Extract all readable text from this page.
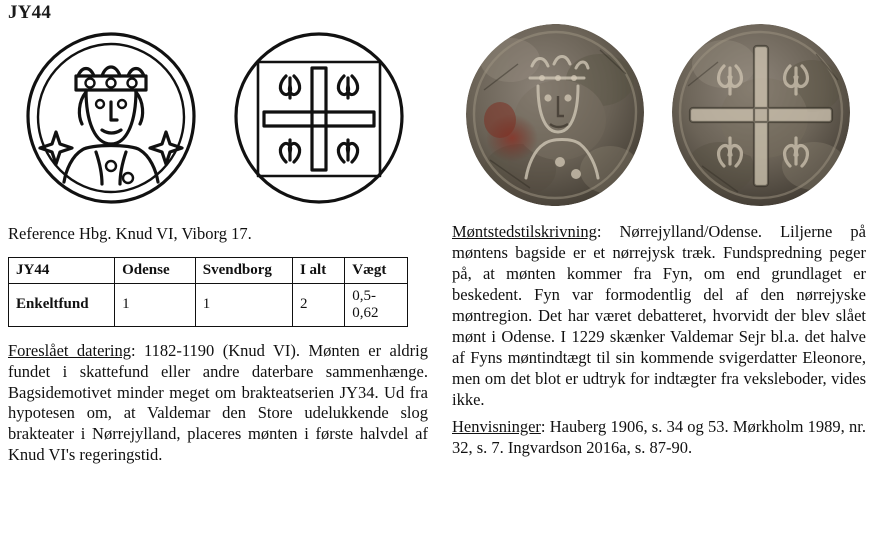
JY44
Reference Hbg. Knud VI, Viborg 17.
JY44	Odense	Svendborg	I alt	Vægt
Enkeltfund	1	1	2	0,5-0,62

Foreslået datering: 1182-1190 (Knud VI). Mønten er aldrig fundet i skattefund eller andre daterbare sammenhænge. Bagsidemotivet minder meget om brakteatserien JY34. Ud fra hypotesen om, at Valdemar den Store udelukkende slog brakteater i Nørrejylland, placeres mønten i første halvdel af Knud VI's regeringstid.

Møntstedstilskrivning: Nørrejylland/Odense. Liljerne på møntens bagside er et nørrejysk træk. Fundspredning peger på, at mønten kommer fra Fyn, om end grundlaget er beskedent. Fyn var formodentlig del af den nørrejyske møntregion. Det har været debatteret, hvorvidt der blev slået mønt i Odense. I 1229 skænker Valdemar Sejr bl.a. det halve af Fyns møntindtægt til sin kommende svigerdatter Eleonore, men om det blot er udtryk for indtægter fra veksleboder, vides ikke.

Henvisninger: Hauberg 1906, s. 34 og 53. Mørkholm 1989, nr. 32, s. 7. Ingvardson 2016a, s. 87-90.
